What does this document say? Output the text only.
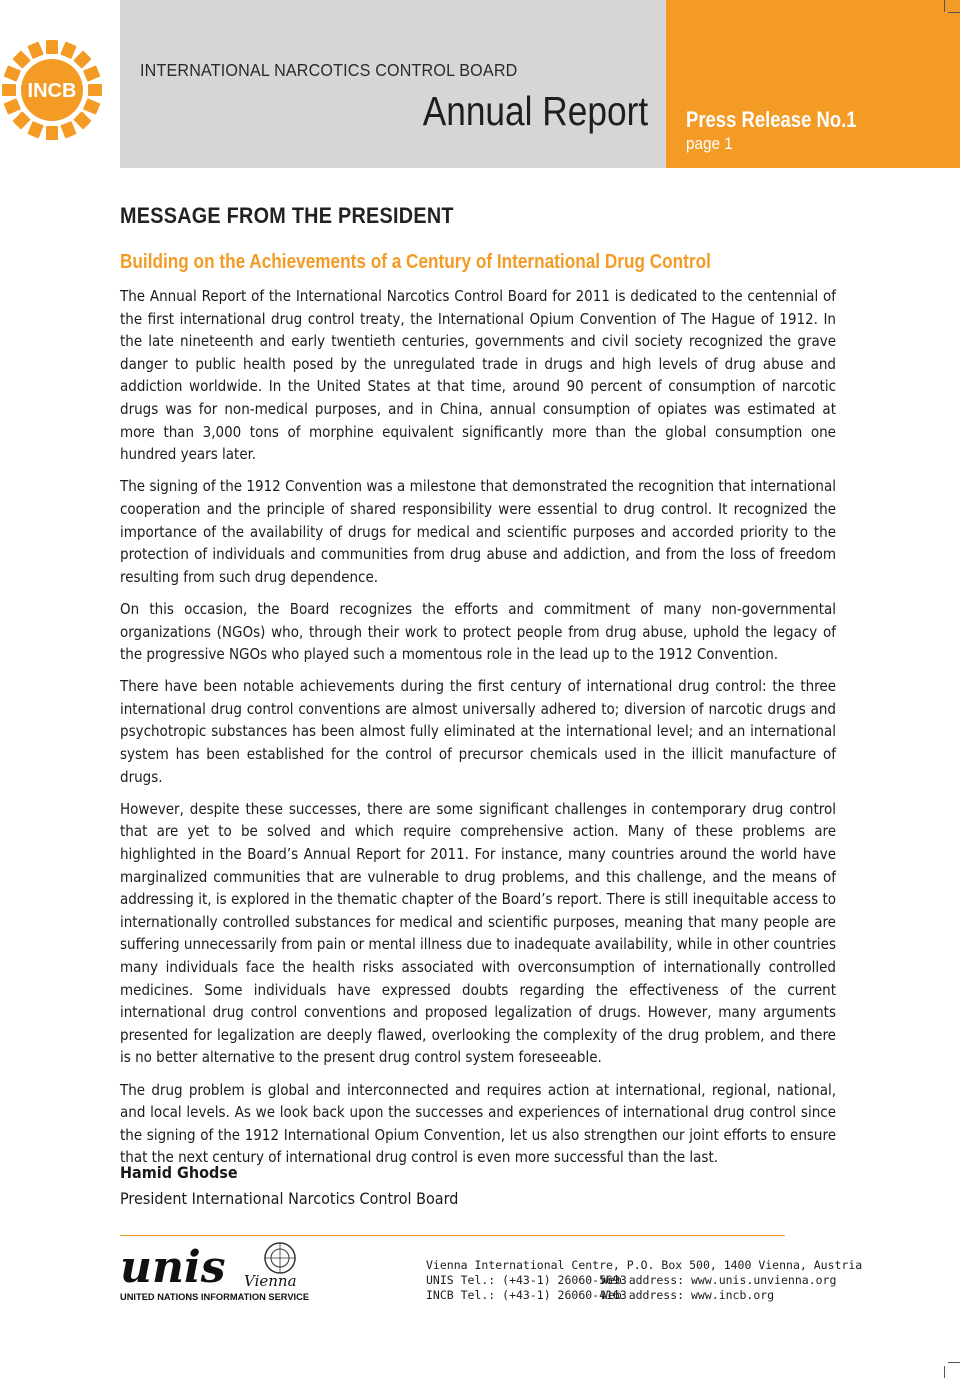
INCB
INTERNATIONAL NARCOTICS CONTROL BOARD
Annual Report Press Release No.1
page 1
MESSAGE FROM THE PRESIDENT
Building on the Achievements of a Century of International Drug Control

The Annual Report of the International Narcotics Control Board for 2011 is dedicated to the centennial of the first international drug control treaty, the International Opium Convention of The Hague of 1912. In the late nineteenth and early twentieth centuries, governments and civil society recognized the grave danger to public health posed by the unregulated trade in drugs and high levels of drug abuse and addiction worldwide. In the United States at that time, around 90 percent of consumption of narcotic drugs was for non-medical purposes, and in China, annual consumption of opiates was estimated at more than 3,000 tons of morphine equivalent significantly more than the global consumption one hundred years later.

The signing of the 1912 Convention was a milestone that demonstrated the recognition that international cooperation and the principle of shared responsibility were essential to drug control. It recognized the importance of the availability of drugs for medical and scientific purposes and accorded priority to the protection of individuals and communities from drug abuse and addiction, and from the loss of freedom resulting from such drug dependence.

On this occasion, the Board recognizes the efforts and commitment of many non-governmental organizations (NGOs) who, through their work to protect people from drug abuse, uphold the legacy of the progressive NGOs who played such a momentous role in the lead up to the 1912 Convention.

There have been notable achievements during the first century of international drug control: the three international drug control conventions are almost universally adhered to; diversion of narcotic drugs and psychotropic substances has been almost fully eliminated at the international level; and an international system has been established for the control of precursor chemicals used in the illicit manufacture of drugs.

However, despite these successes, there are some significant challenges in contemporary drug control that are yet to be solved and which require comprehensive action. Many of these problems are highlighted in the Board’s Annual Report for 2011. For instance, many countries around the world have marginalized communities that are vulnerable to drug problems, and this challenge, and the means of addressing it, is explored in the thematic chapter of the Board’s report. There is still inequitable access to internationally controlled substances for medical and scientific purposes, meaning that many people are suffering unnecessarily from pain or mental illness due to inadequate availability, while in other countries many individuals face the health risks associated with overconsumption of internationally controlled medicines. Some individuals have expressed doubts regarding the effectiveness of the current international drug control conventions and proposed legalization of drugs. However, many arguments presented for legalization are deeply flawed, overlooking the complexity of the drug problem, and there is no better alternative to the present drug control system foreseeable.

The drug problem is global and interconnected and requires action at international, regional, national, and local levels. As we look back upon the successes and experiences of international drug control since the signing of the 1912 International Opium Convention, let us also strengthen our joint efforts to ensure that the next century of international drug control is even more successful than the last.

Hamid Ghodse
President International Narcotics Control Board
unis Vienna
UNITED NATIONS INFORMATION SERVICE
Vienna International Centre, P.O. Box 500, 1400 Vienna, Austria
UNIS Tel.: (+43-1) 26060-5693
Web address: www.unis.unvienna.org
INCB Tel.: (+43-1) 26060-4163
Web address: www.incb.org
